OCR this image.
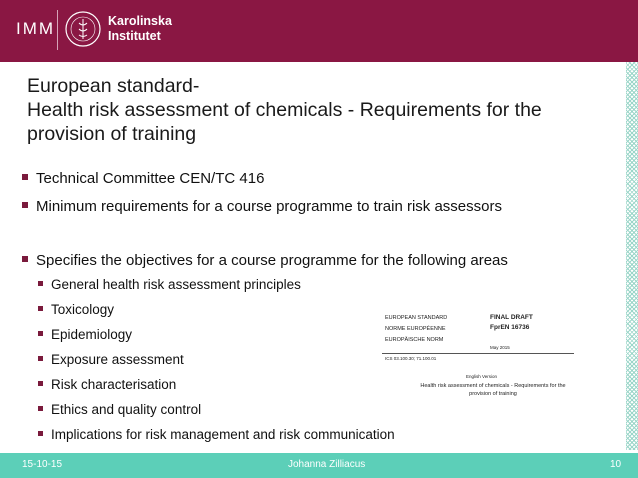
IMM	Karolinska
Institutet
European standard-
Health risk assessment of chemicals - Requirements for the
provision of training
Technical Committee CEN/TC 416
Minimum requirements for a course programme to train risk assessors
Specifies the objectives for a course programme for the following areas
General health risk assessment principles
Toxicology
Epidemiology
Exposure assessment
Risk characterisation
Ethics and quality control
Implications for risk management and risk communication
EUROPEAN STANDARD
NORME EUROPÉENNE
EUROPÄISCHE NORM
FINAL DRAFT
FprEN 16736
May 2015
ICS 03.100.30; 71.100.01
English Version
Health risk assessment of chemicals - Requirements for the
provision of training
15-10-15	Johanna Zilliacus	10
